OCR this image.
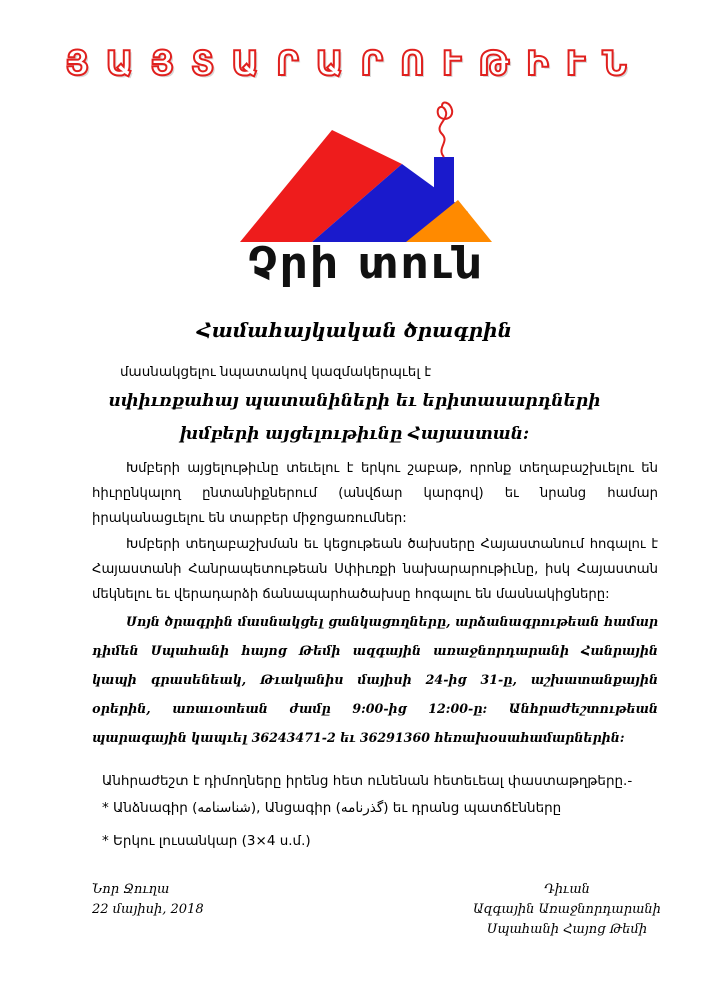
ՅԱՅՏԱՐԱՐՈՒԹԻՒՆ
Չրի տուն
Համահայկական ծրագրին
մասնակցելու նպատակով կազմակերպւել է
սփիւռքահայ պատանիների եւ երիտասարդների
խմբերի այցելութիւնը Հայաստան:
Խմբերի այցելութիւնը տեւելու է երկու շաբաթ, որոնք տեղաբաշխւելու են հիւրընկալող ընտանիքներում (անվճար կարգով) եւ նրանց համար իրականացւելու են տարբեր միջոցառումներ:
Խմբերի տեղաբաշխման եւ կեցութեան ծախսերը Հայաստանում հոգալու է Հայաստանի Հանրապետութեան Սփիւռքի նախարարութիւնը, իսկ Հայաստան մեկնելու եւ վերադարձի ճանապարհածախսը հոգալու են մասնակիցները:
Սոյն ծրագրին մասնակցել ցանկացողները, արձանագրութեան համար դիմեն Սպահանի հայոց Թեմի ազգային առաջնորդարանի Հանրային կապի գրասենեակ, Թւականիս մայիսի 24-ից 31-ը, աշխատանքային օրերին, առաւօտեան ժամը 9:00-ից 12:00-ը: Անհրաժեշտութեան պարագային կապւել 36243471-2 եւ 36291360 հեռախօսահամարներին:
Անհրաժեշտ է դիմողները իրենց հետ ունենան հետեւեալ փաստաթղթերը.-
* Անձնագիր (شناسنامه), Անցագիր (گذرنامه) եւ դրանց պատճէնները
* Երկու լուսանկար (3×4 ս.մ.)
Նոր Ջուղա
22 մայիսի, 2018
Դիւան
Ազգային Առաջնորդարանի
Սպահանի Հայոց Թեմի
